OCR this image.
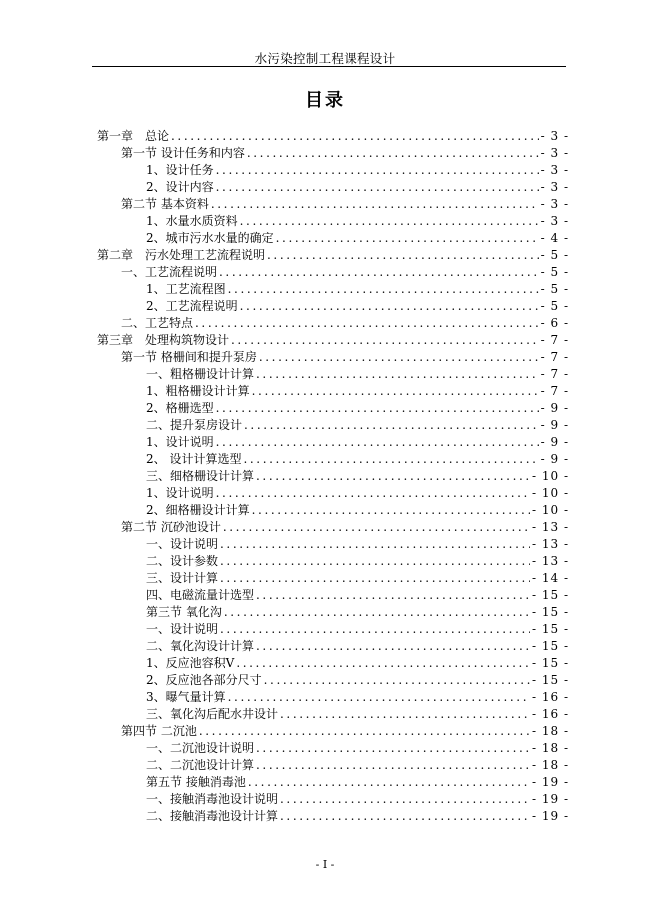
水污染控制工程课程设计
目录
第一章　总论 .....	- 3 -
第一节 设计任务和内容 .....	- 3 -
1、设计任务 .....	- 3 -
2、设计内容 .....	- 3 -
第二节 基本资料 .....	- 3 -
1、水量水质资料 .....	- 3 -
2、城市污水水量的确定 .....	- 4 -
第二章　污水处理工艺流程说明 .....	- 5 -
一、工艺流程说明 .....	- 5 -
1、工艺流程图 .....	- 5 -
2、工艺流程说明 .....	- 5 -
二、工艺特点 .....	- 6 -
第三章　处理构筑物设计 .....	- 7 -
第一节 格栅间和提升泵房 .....	- 7 -
一、粗格栅设计计算 .....	- 7 -
1、粗格栅设计计算 .....	- 7 -
2、格栅选型 .....	- 9 -
二、提升泵房设计 .....	- 9 -
1、设计说明 .....	- 9 -
2、 设计计算选型 .....	- 9 -
三、细格栅设计计算 .....	- 10 -
1、设计说明 .....	- 10 -
2、细格栅设计计算 .....	- 10 -
第二节 沉砂池设计 .....	- 13 -
一、设计说明 .....	- 13 -
二、设计参数 .....	- 13 -
三、设计计算 .....	- 14 -
四、电磁流量计选型 .....	- 15 -
第三节 氧化沟 .....	- 15 -
一、设计说明 .....	- 15 -
二、氧化沟设计计算 .....	- 15 -
1、反应池容积V .....	- 15 -
2、反应池各部分尺寸 .....	- 15 -
3、曝气量计算 .....	- 16 -
三、氧化沟后配水井设计 .....	- 16 -
第四节 二沉池 .....	- 18 -
一、二沉池设计说明 .....	- 18 -
二、二沉池设计计算 .....	- 18 -
第五节 接触消毒池 .....	- 19 -
一、接触消毒池设计说明 .....	- 19 -
二、接触消毒池设计计算 .....	- 19 -
- I -
